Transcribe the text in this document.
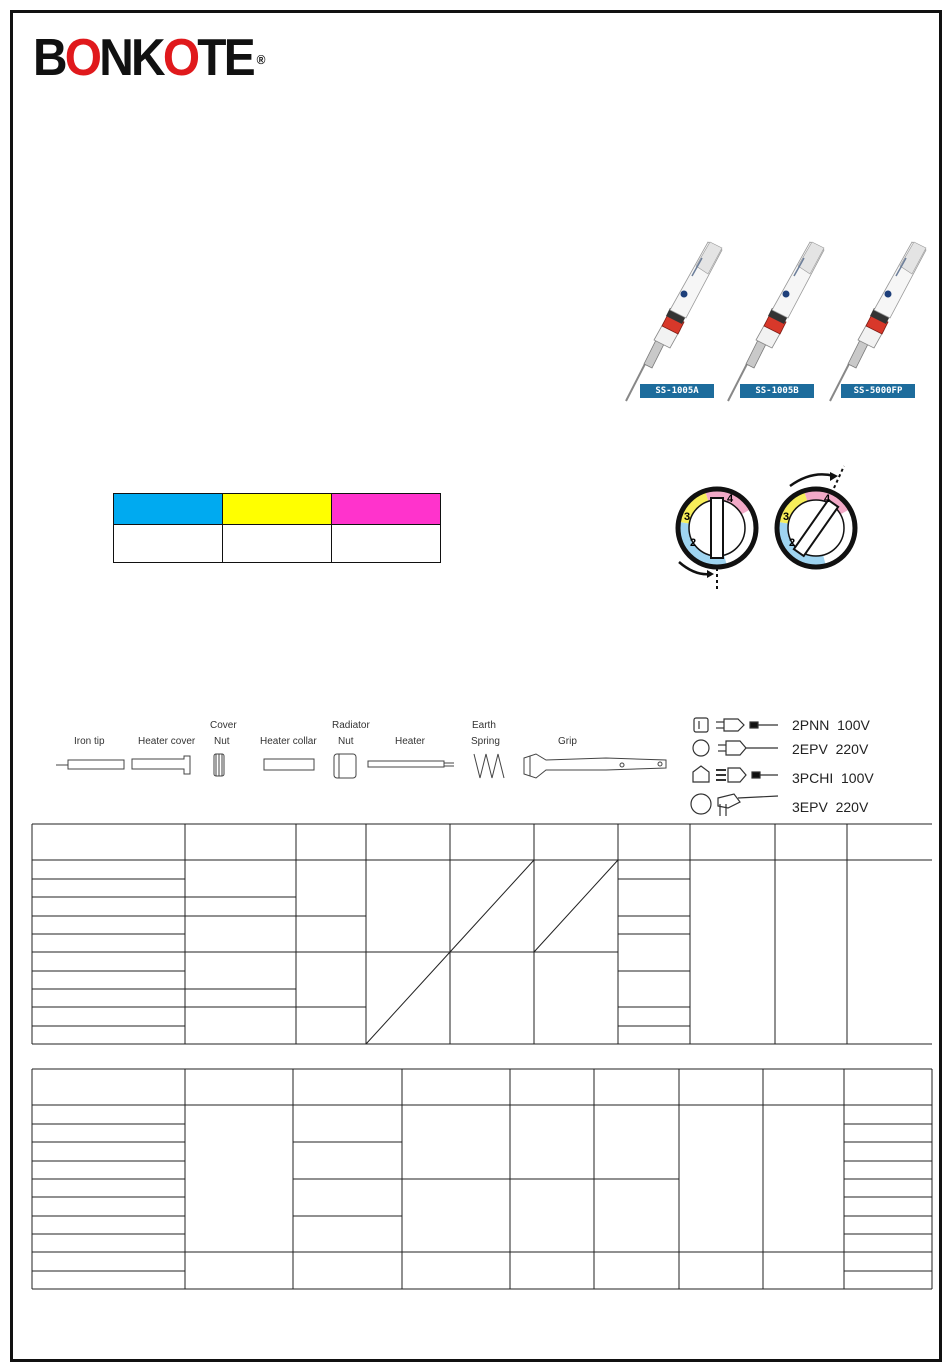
BONKOTE ®
SS-1005A	SS-1005B	SS-5000FP

3
2
4
3
2
4
Iron tip	Heater cover
Cover
Nut	Heater collar
Radiator
Nut	Heater
Earth
Spring	Grip
2PNN 100V
2EPV 220V
3PCHI 100V
3EPV 220V
